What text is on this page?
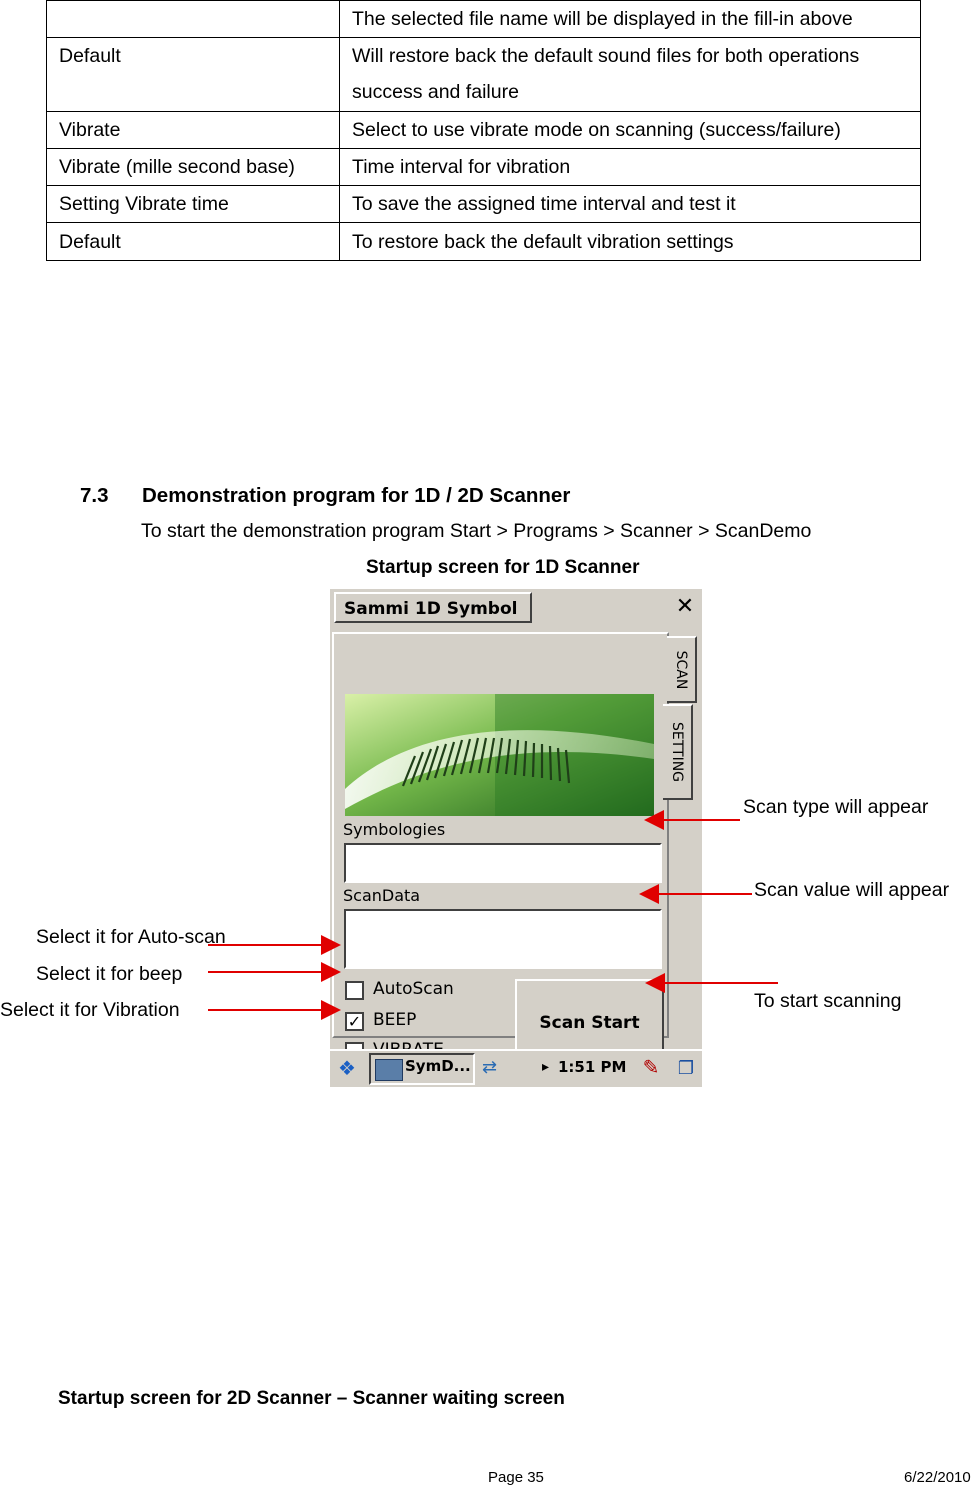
	The selected file name will be displayed in the fill-in above
Default	Will restore back the default sound files for both operations
success and failure

Vibrate	Select to use vibrate mode on scanning (success/failure)
Vibrate (mille second base)	Time interval for vibration
Setting Vibrate time	To save the assigned time interval and test it
Default	To restore back the default vibration settings
7.3 Demonstration program for 1D / 2D Scanner
To start the demonstration program Start > Programs > Scanner > ScanDemo
Startup screen for 1D Scanner
Sammi 1D Symbol	✕
Symbologies
ScanData
AutoScan
✓ BEEP	Scan Start
SCAN
SETTING
❖	SymD... ⇄	▸ 1:51 PM ✎ ❐
Scan type will appear
Scan value will appear
To start scanning
Select it for Auto-scan
Select it for beep
Select it for Vibration
Startup screen for 2D Scanner – Scanner waiting screen
Page 35	6/22/2010
